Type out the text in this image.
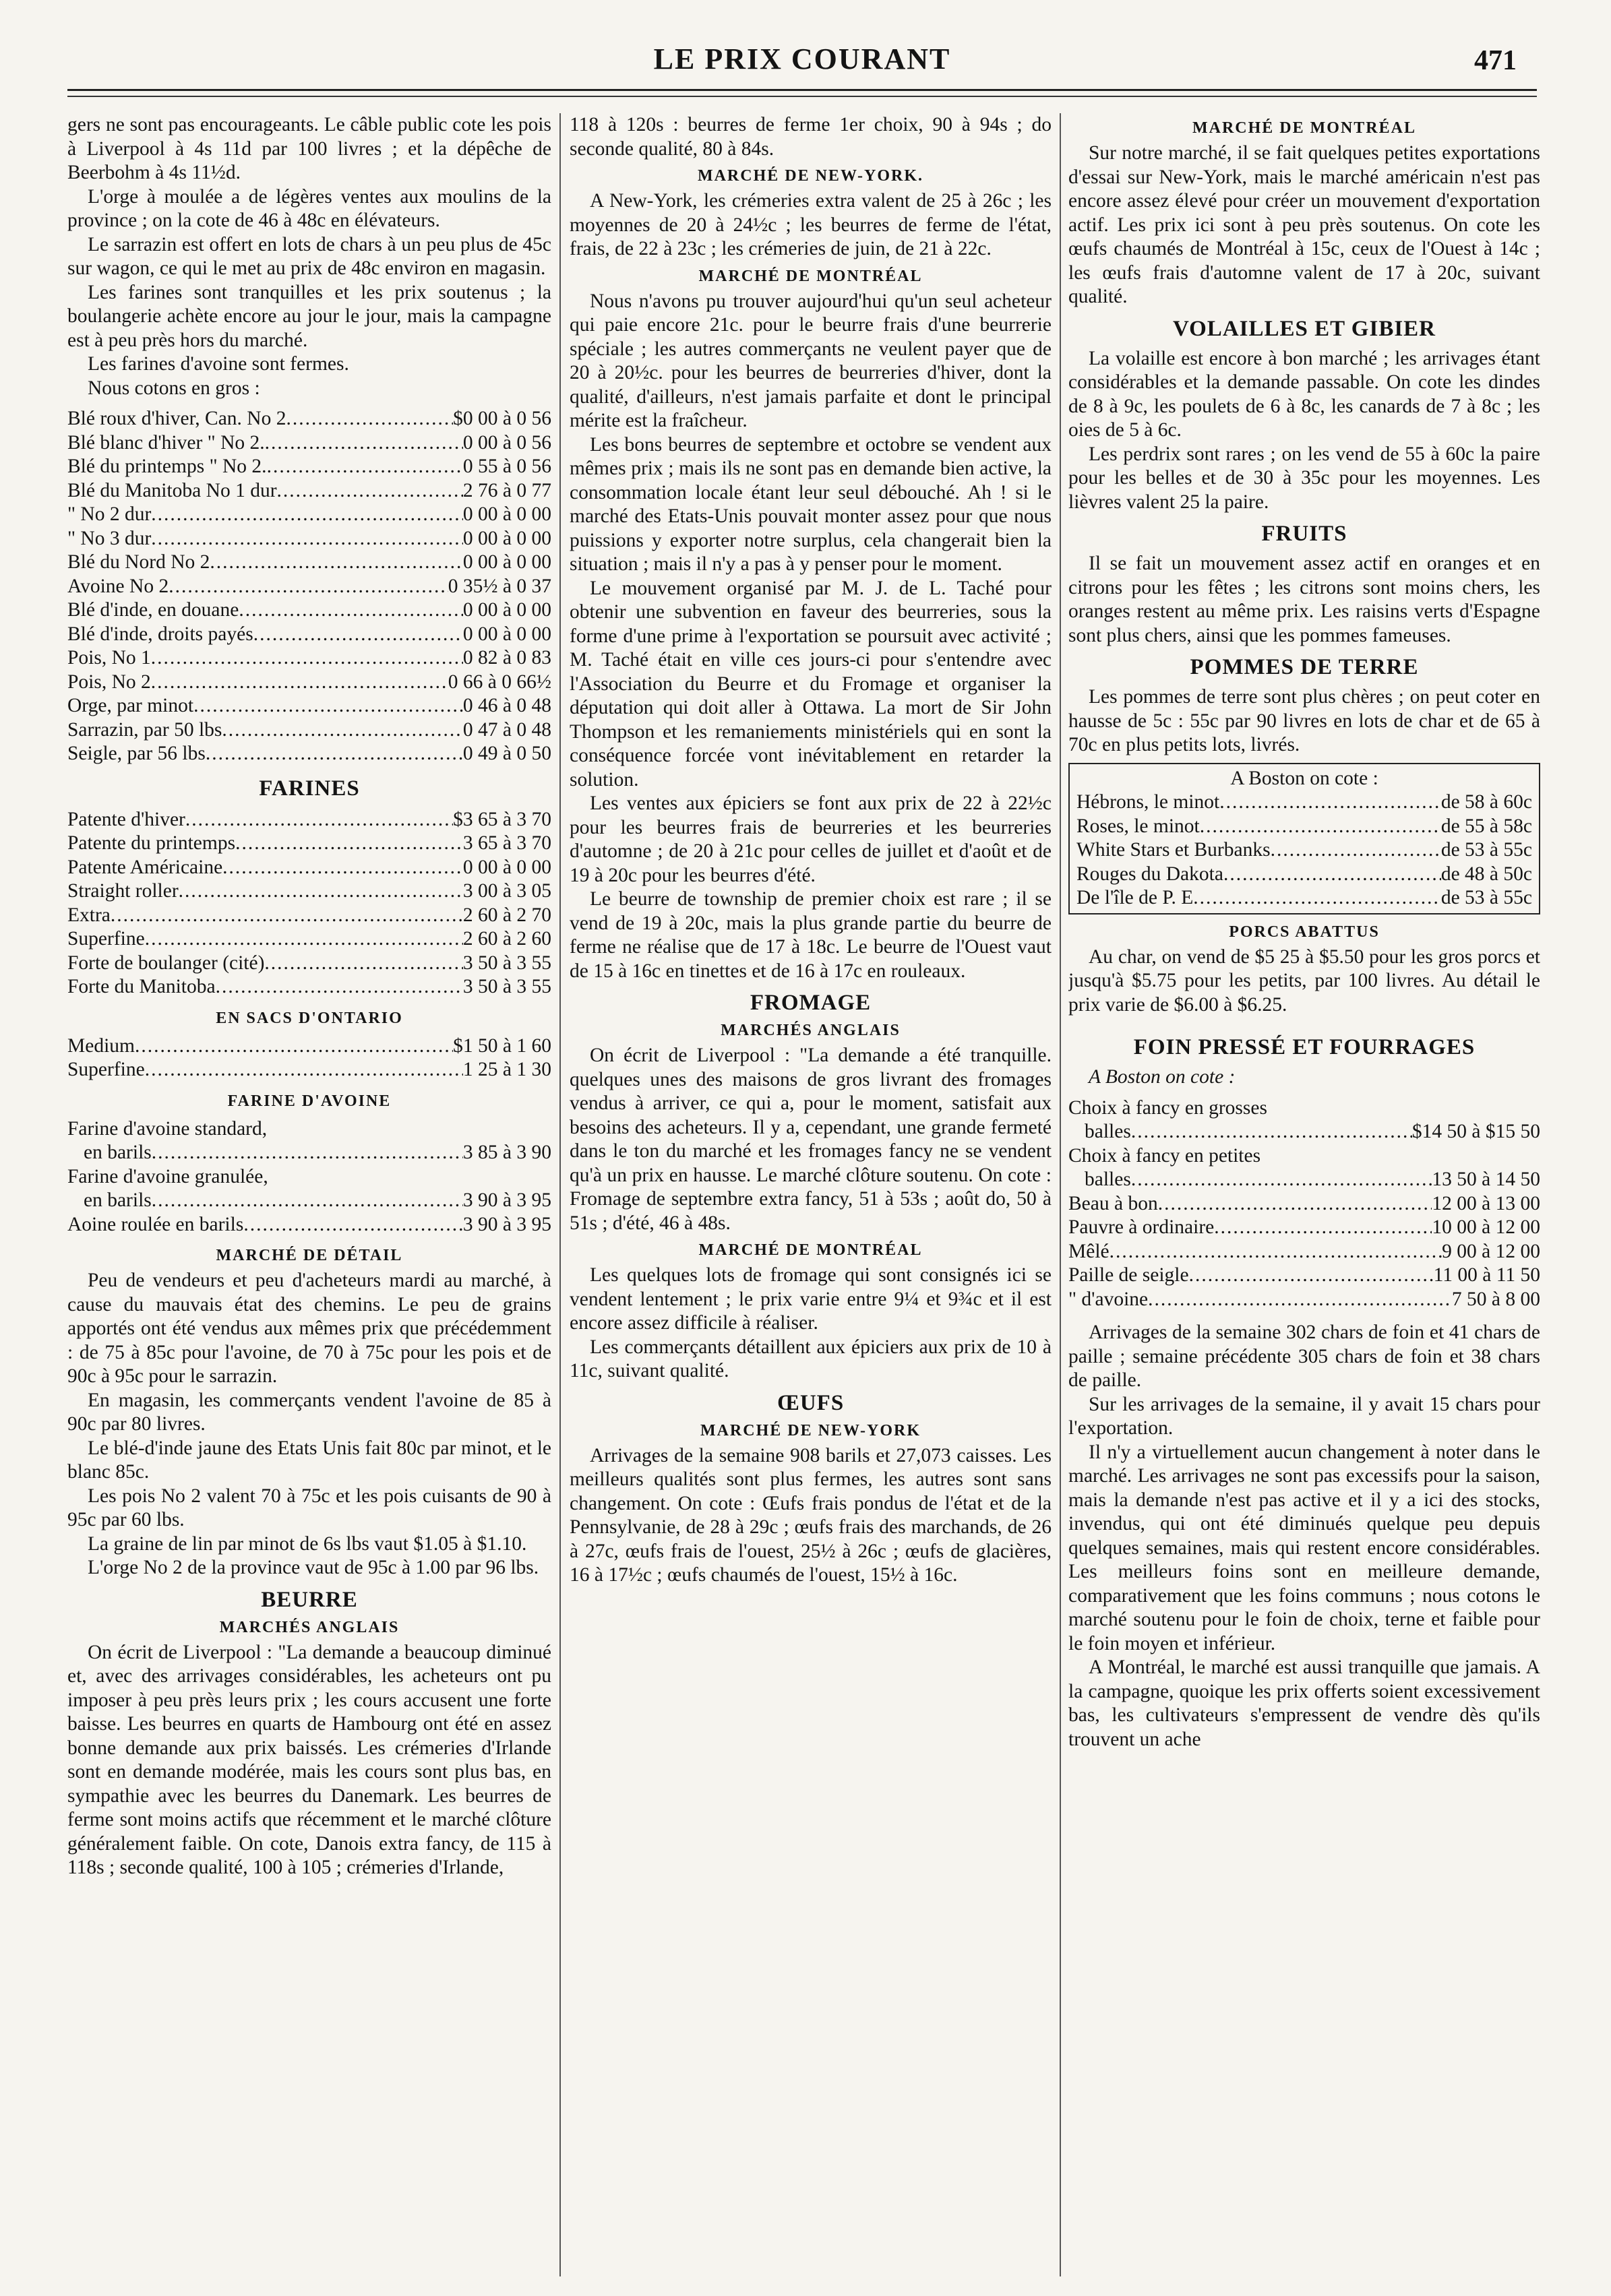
LE PRIX COURANT	471

gers ne sont pas encourageants. Le câble public cote les pois à Liverpool à 4s 11d par 100 livres ; et la dépêche de Beerbohm à 4s 11½d.

L'orge à moulée a de légères ventes aux moulins de la province ; on la cote de 46 à 48c en élévateurs.

Le sarrazin est offert en lots de chars à un peu plus de 45c sur wagon, ce qui le met au prix de 48c environ en magasin.

Les farines sont tranquilles et les prix soutenus ; la boulangerie achète encore au jour le jour, mais la campagne est à peu près hors du marché.

Les farines d'avoine sont fermes.

Nous cotons en gros :

Blé roux d'hiver, Can. No 2 .....	$0 00 à 0 56
Blé blanc d'hiver " No 2. .....	0 00 à 0 56
Blé du printemps " No 2. .....	0 55 à 0 56
Blé du Manitoba No 1 dur .....	2 76 à 0 77
" No 2 dur .....	0 00 à 0 00
" No 3 dur .....	0 00 à 0 00
Blé du Nord No 2 .....	0 00 à 0 00
Avoine No 2 .....	0 35½ à 0 37
Blé d'inde, en douane .....	0 00 à 0 00
Blé d'inde, droits payés .....	0 00 à 0 00
Pois, No 1 .....	0 82 à 0 83
Pois, No 2 .....	0 66 à 0 66½
Orge, par minot .....	0 46 à 0 48
Sarrazin, par 50 lbs .....	0 47 à 0 48
Seigle, par 56 lbs .....	0 49 à 0 50
FARINES
Patente d'hiver .....	$3 65 à 3 70
Patente du printemps .....	3 65 à 3 70
Patente Américaine .....	0 00 à 0 00
Straight roller .....	3 00 à 3 05
Extra .....	2 60 à 2 70
Superfine .....	2 60 à 2 60
Forte de boulanger (cité) .....	3 50 à 3 55
Forte du Manitoba .....	3 50 à 3 55
EN SACS D'ONTARIO
Medium .....	$1 50 à 1 60
Superfine .....	1 25 à 1 30
FARINE D'AVOINE
Farine d'avoine standard,
en barils .....	3 85 à 3 90
Farine d'avoine granulée,
en barils .....	3 90 à 3 95
Aoine roulée en barils .....	3 90 à 3 95
MARCHÉ DE DÉTAIL

Peu de vendeurs et peu d'acheteurs mardi au marché, à cause du mauvais état des chemins. Le peu de grains apportés ont été vendus aux mêmes prix que précédemment : de 75 à 85c pour l'avoine, de 70 à 75c pour les pois et de 90c à 95c pour le sarrazin.

En magasin, les commerçants vendent l'avoine de 85 à 90c par 80 livres.

Le blé-d'inde jaune des Etats Unis fait 80c par minot, et le blanc 85c.

Les pois No 2 valent 70 à 75c et les pois cuisants de 90 à 95c par 60 lbs.

La graine de lin par minot de 6s lbs vaut $1.05 à $1.10.

L'orge No 2 de la province vaut de 95c à 1.00 par 96 lbs.

BEURRE
MARCHÉS ANGLAIS

On écrit de Liverpool : "La demande a beaucoup diminué et, avec des arrivages considérables, les acheteurs ont pu imposer à peu près leurs prix ; les cours accusent une forte baisse. Les beurres en quarts de Hambourg ont été en assez bonne demande aux prix baissés. Les crémeries d'Irlande sont en demande modérée, mais les cours sont plus bas, en sympathie avec les beurres du Danemark. Les beurres de ferme sont moins actifs que récemment et le marché clôture généralement faible. On cote, Danois extra fancy, de 115 à 118s ; seconde qualité, 100 à 105 ; crémeries d'Irlande,

118 à 120s : beurres de ferme 1er choix, 90 à 94s ; do seconde qualité, 80 à 84s.

MARCHÉ DE NEW-YORK.

A New-York, les crémeries extra valent de 25 à 26c ; les moyennes de 20 à 24½c ; les beurres de ferme de l'état, frais, de 22 à 23c ; les crémeries de juin, de 21 à 22c.

MARCHÉ DE MONTRÉAL

Nous n'avons pu trouver aujourd'hui qu'un seul acheteur qui paie encore 21c. pour le beurre frais d'une beurrerie spéciale ; les autres commerçants ne veulent payer que de 20 à 20½c. pour les beurres de beurreries d'hiver, dont la qualité, d'ailleurs, n'est jamais parfaite et dont le principal mérite est la fraîcheur.

Les bons beurres de septembre et octobre se vendent aux mêmes prix ; mais ils ne sont pas en demande bien active, la consommation locale étant leur seul débouché. Ah ! si le marché des Etats-Unis pouvait monter assez pour que nous puissions y exporter notre surplus, cela changerait bien la situation ; mais il n'y a pas à y penser pour le moment.

Le mouvement organisé par M. J. de L. Taché pour obtenir une subvention en faveur des beurreries, sous la forme d'une prime à l'exportation se poursuit avec activité ; M. Taché était en ville ces jours-ci pour s'entendre avec l'Association du Beurre et du Fromage et organiser la députation qui doit aller à Ottawa. La mort de Sir John Thompson et les remaniements ministériels qui en sont la conséquence forcée vont inévitablement en retarder la solution.

Les ventes aux épiciers se font aux prix de 22 à 22½c pour les beurres frais de beurreries et les beurreries d'automne ; de 20 à 21c pour celles de juillet et d'août et de 19 à 20c pour les beurres d'été.

Le beurre de township de premier choix est rare ; il se vend de 19 à 20c, mais la plus grande partie du beurre de ferme ne réalise que de 17 à 18c. Le beurre de l'Ouest vaut de 15 à 16c en tinettes et de 16 à 17c en rouleaux.

FROMAGE
MARCHÉS ANGLAIS

On écrit de Liverpool : "La demande a été tranquille. quelques unes des maisons de gros livrant des fromages vendus à arriver, ce qui a, pour le moment, satisfait aux besoins des acheteurs. Il y a, cependant, une grande fermeté dans le ton du marché et les fromages fancy ne se vendent qu'à un prix en hausse. Le marché clôture soutenu. On cote : Fromage de septembre extra fancy, 51 à 53s ; août do, 50 à 51s ; d'été, 46 à 48s.

MARCHÉ DE MONTRÉAL

Les quelques lots de fromage qui sont consignés ici se vendent lentement ; le prix varie entre 9¼ et 9¾c et il est encore assez difficile à réaliser.

Les commerçants détaillent aux épiciers aux prix de 10 à 11c, suivant qualité.

ŒUFS
MARCHÉ DE NEW-YORK

Arrivages de la semaine 908 barils et 27,073 caisses. Les meilleurs qualités sont plus fermes, les autres sont sans changement. On cote : Œufs frais pondus de l'état et de la Pennsylvanie, de 28 à 29c ; œufs frais des marchands, de 26 à 27c, œufs frais de l'ouest, 25½ à 26c ; œufs de glacières, 16 à 17½c ; œufs chaumés de l'ouest, 15½ à 16c.

MARCHÉ DE MONTRÉAL

Sur notre marché, il se fait quelques petites exportations d'essai sur New-York, mais le marché américain n'est pas encore assez élevé pour créer un mouvement d'exportation actif. Les prix ici sont à peu près soutenus. On cote les œufs chaumés de Montréal à 15c, ceux de l'Ouest à 14c ; les œufs frais d'automne valent de 17 à 20c, suivant qualité.

VOLAILLES ET GIBIER

La volaille est encore à bon marché ; les arrivages étant considérables et la demande passable. On cote les dindes de 8 à 9c, les poulets de 6 à 8c, les canards de 7 à 8c ; les oies de 5 à 6c.

Les perdrix sont rares ; on les vend de 55 à 60c la paire pour les belles et de 30 à 35c pour les moyennes. Les lièvres valent 25 la paire.

FRUITS

Il se fait un mouvement assez actif en oranges et en citrons pour les fêtes ; les citrons sont moins chers, les oranges restent au même prix. Les raisins verts d'Espagne sont plus chers, ainsi que les pommes fameuses.

POMMES DE TERRE

Les pommes de terre sont plus chères ; on peut coter en hausse de 5c : 55c par 90 livres en lots de char et de 65 à 70c en plus petits lots, livrés.

A Boston on cote :

Hébrons, le minot .....	de 58 à 60c
Roses, le minot .....	de 55 à 58c
White Stars et Burbanks .....	de 53 à 55c
Rouges du Dakota .....	de 48 à 50c
De l'île de P. E .....	de 53 à 55c
PORCS ABATTUS

Au char, on vend de $5 25 à $5.50 pour les gros porcs et jusqu'à $5.75 pour les petits, par 100 livres. Au détail le prix varie de $6.00 à $6.25.

FOIN PRESSÉ ET FOURRAGES

A Boston on cote :

Choix à fancy en grosses
balles .....	$14 50 à $15 50
Choix à fancy en petites
balles .....	13 50 à 14 50
Beau à bon .....	12 00 à 13 00
Pauvre à ordinaire .....	10 00 à 12 00
Mêlé .....	9 00 à 12 00
Paille de seigle .....	11 00 à 11 50
" d'avoine .....	7 50 à 8 00

Arrivages de la semaine 302 chars de foin et 41 chars de paille ; semaine précédente 305 chars de foin et 38 chars de paille.

Sur les arrivages de la semaine, il y avait 15 chars pour l'exportation.

Il n'y a virtuellement aucun changement à noter dans le marché. Les arrivages ne sont pas excessifs pour la saison, mais la demande n'est pas active et il y a ici des stocks, invendus, qui ont été diminués quelque peu depuis quelques semaines, mais qui restent encore considérables. Les meilleurs foins sont en meilleure demande, comparativement que les foins communs ; nous cotons le marché soutenu pour le foin de choix, terne et faible pour le foin moyen et inférieur.

A Montréal, le marché est aussi tranquille que jamais. A la campagne, quoique les prix offerts soient excessivement bas, les cultivateurs s'empressent de vendre dès qu'ils trouvent un ache
